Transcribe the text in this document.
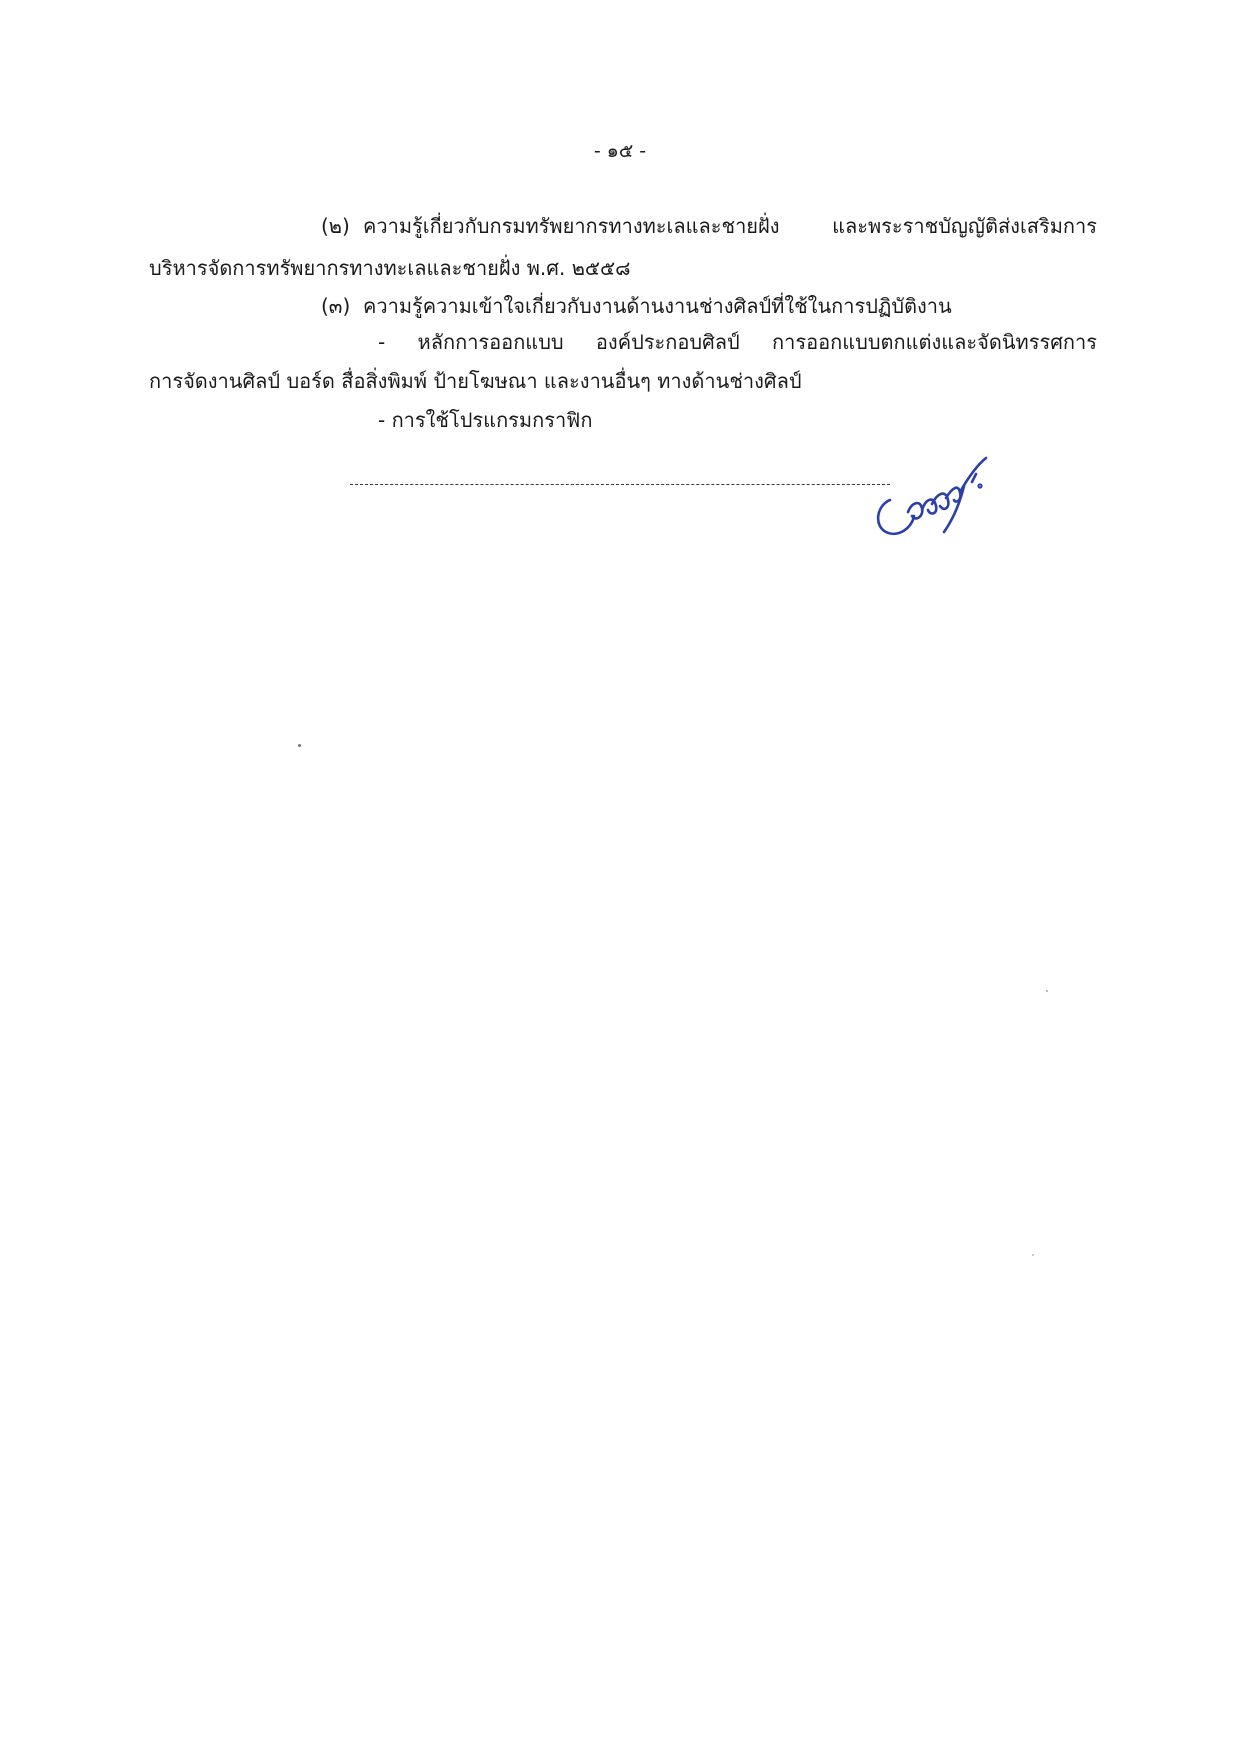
- ๑๕ -
(๒) ความรู้เกี่ยวกับกรมทรัพยากรทางทะเลและชายฝั่ง และพระราชบัญญัติส่งเสริมการ
บริหารจัดการทรัพยากรทางทะเลและชายฝั่ง พ.ศ. ๒๕๕๘
(๓) ความรู้ความเข้าใจเกี่ยวกับงานด้านงานช่างศิลป์ที่ใช้ในการปฏิบัติงาน
- หลักการออกแบบ องค์ประกอบศิลป์ การออกแบบตกแต่งและจัดนิทรรศการ
การจัดงานศิลป์ บอร์ด สื่อสิ่งพิมพ์ ป้ายโฆษณา และงานอื่นๆ ทางด้านช่างศิลป์
- การใช้โปรแกรมกราฟิก
